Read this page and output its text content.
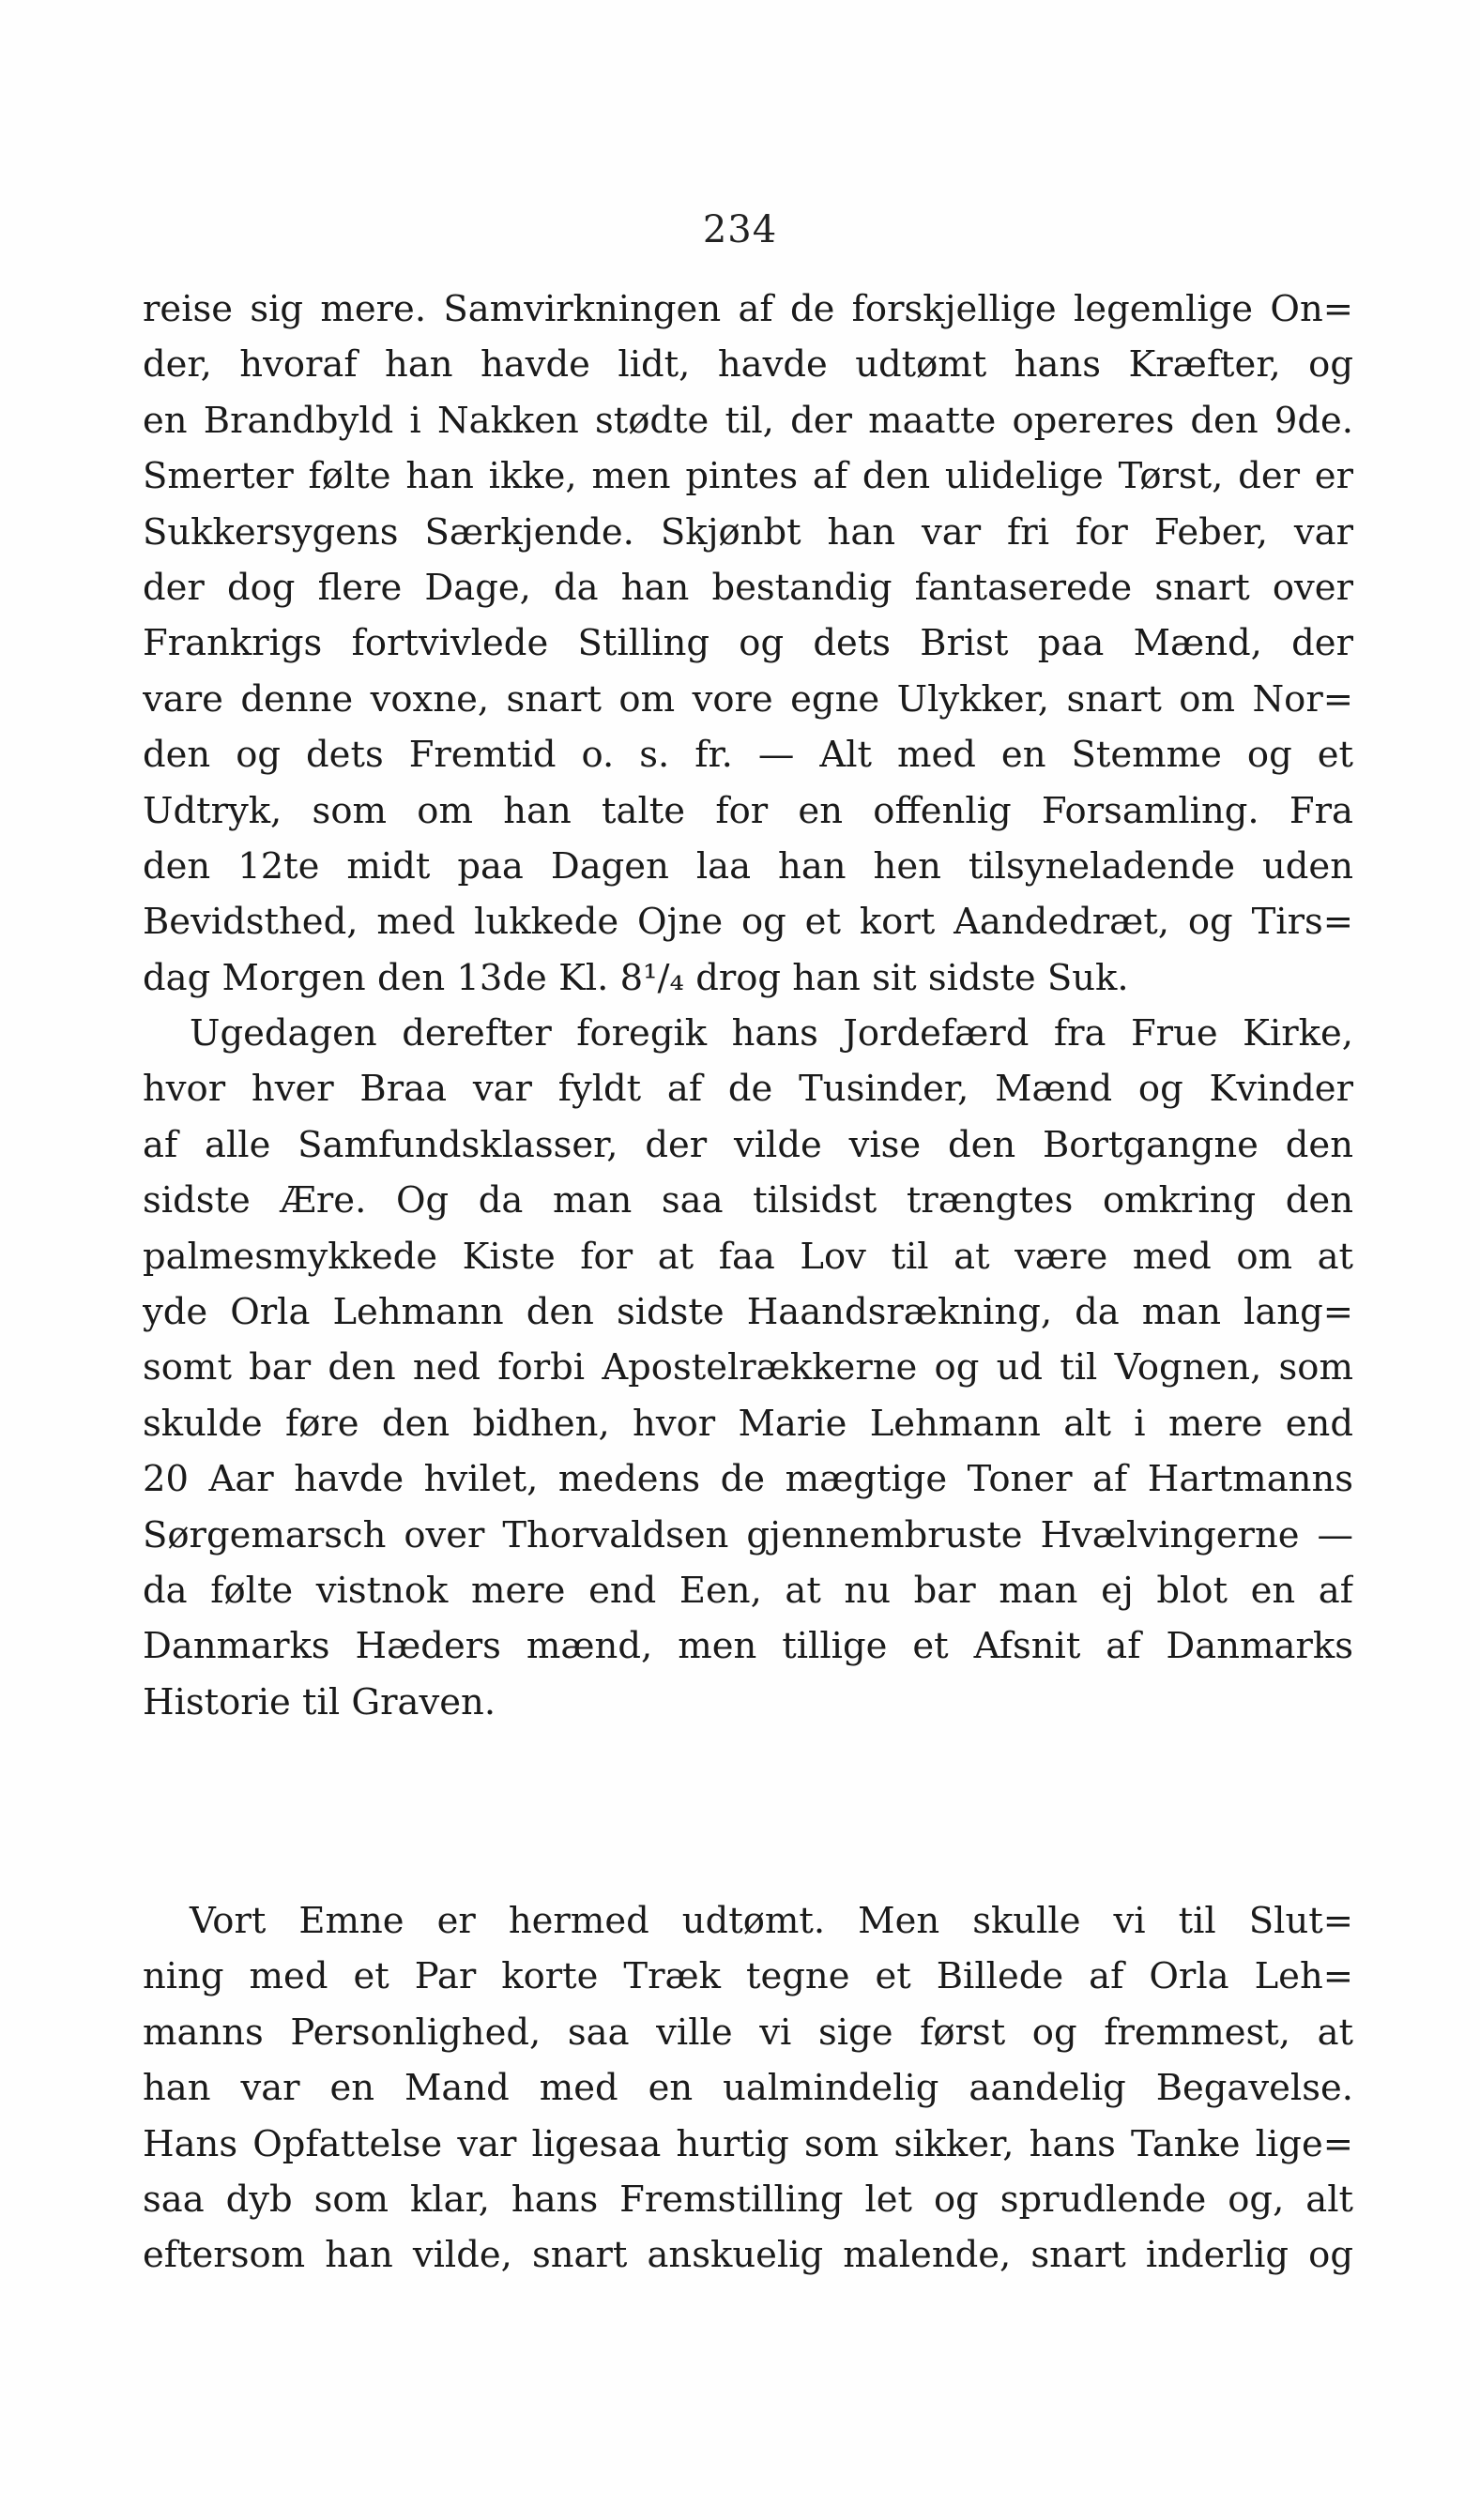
234
reise sig mere. Samvirkningen af de forskjellige legemlige On=
der, hvoraf han havde lidt, havde udtømt hans Kræfter, og
en Brandbyld i Nakken stødte til, der maatte opereres den 9de.
Smerter følte han ikke, men pintes af den ulidelige Tørst, der er
Sukkersygens Særkjende. Skjønbt han var fri for Feber, var
der dog flere Dage, da han bestandig fantaserede snart over
Frankrigs fortvivlede Stilling og dets Brist paa Mænd, der
vare denne voxne, snart om vore egne Ulykker, snart om Nor=
den og dets Fremtid o. s. fr. — Alt med en Stemme og et
Udtryk, som om han talte for en offenlig Forsamling. Fra
den 12te midt paa Dagen laa han hen tilsyneladende uden
Bevidsthed, med lukkede Ojne og et kort Aandedræt, og Tirs=
dag Morgen den 13de Kl. 8¹/₄ drog han sit sidste Suk.
Ugedagen derefter foregik hans Jordefærd fra Frue Kirke,
hvor hver Braa var fyldt af de Tusinder, Mænd og Kvinder
af alle Samfundsklasser, der vilde vise den Bortgangne den
sidste Ære. Og da man saa tilsidst trængtes omkring den
palmesmykkede Kiste for at faa Lov til at være med om at
yde Orla Lehmann den sidste Haandsrækning, da man lang=
somt bar den ned forbi Apostelrækkerne og ud til Vognen, som
skulde føre den bidhen, hvor Marie Lehmann alt i mere end
20 Aar havde hvilet, medens de mægtige Toner af Hartmanns
Sørgemarsch over Thorvaldsen gjennembruste Hvælvingerne —
da følte vistnok mere end Een, at nu bar man ej blot en af
Danmarks Hæders mænd, men tillige et Afsnit af Danmarks
Historie til Graven.
Vort Emne er hermed udtømt. Men skulle vi til Slut=
ning med et Par korte Træk tegne et Billede af Orla Leh=
manns Personlighed, saa ville vi sige først og fremmest, at
han var en Mand med en ualmindelig aandelig Begavelse.
Hans Opfattelse var ligesaa hurtig som sikker, hans Tanke lige=
saa dyb som klar, hans Fremstilling let og sprudlende og, alt
eftersom han vilde, snart anskuelig malende, snart inderlig og
